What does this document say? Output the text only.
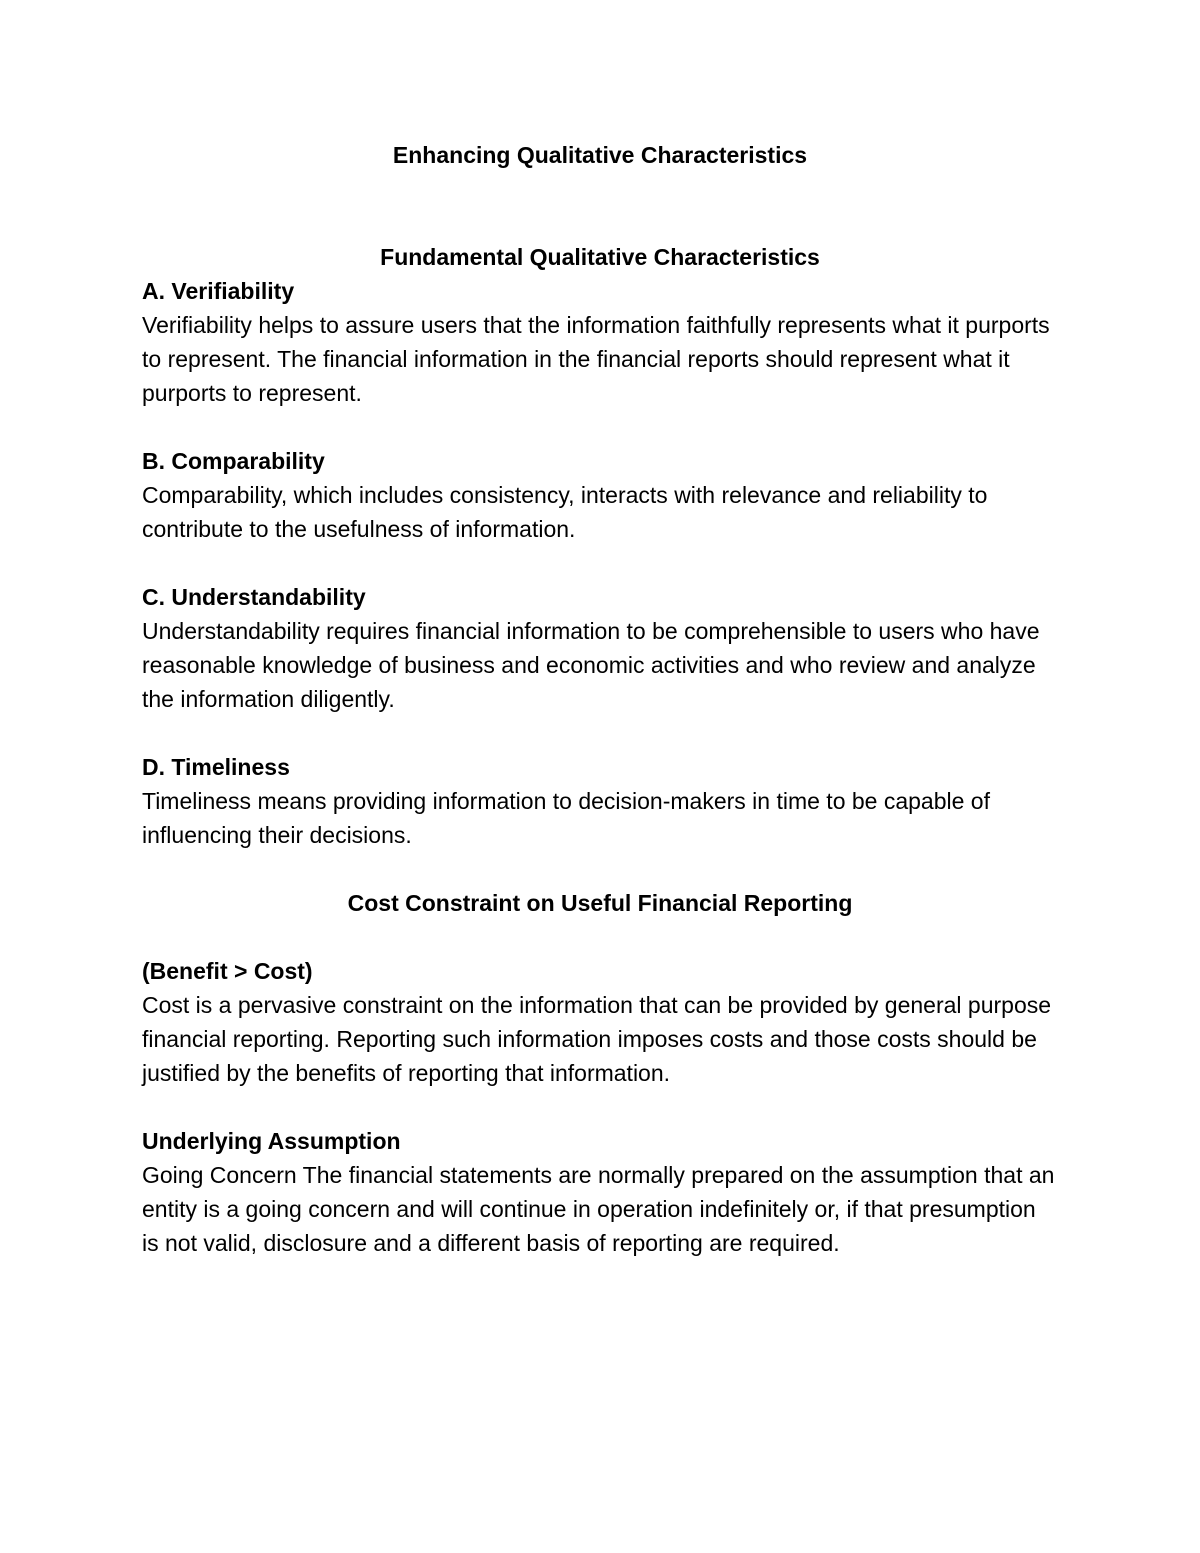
Enhancing Qualitative Characteristics
Fundamental Qualitative Characteristics

A. Verifiability

Verifiability helps to assure users that the information faithfully represents what it purports to represent. The financial information in the financial reports should represent what it purports to represent.

B. Comparability

Comparability, which includes consistency, interacts with relevance and reliability to contribute to the usefulness of information.

C. Understandability

Understandability requires financial information to be comprehensible to users who have reasonable knowledge of business and economic activities and who review and analyze the information diligently.

D. Timeliness

Timeliness means providing information to decision-makers in time to be capable of influencing their decisions.

Cost Constraint on Useful Financial Reporting

(Benefit > Cost)

Cost is a pervasive constraint on the information that can be provided by general purpose financial reporting. Reporting such information imposes costs and those costs should be justified by the benefits of reporting that information.

Underlying Assumption

Going Concern The financial statements are normally prepared on the assumption that an entity is a going concern and will continue in operation indefinitely or, if that presumption is not valid, disclosure and a different basis of reporting are required.
